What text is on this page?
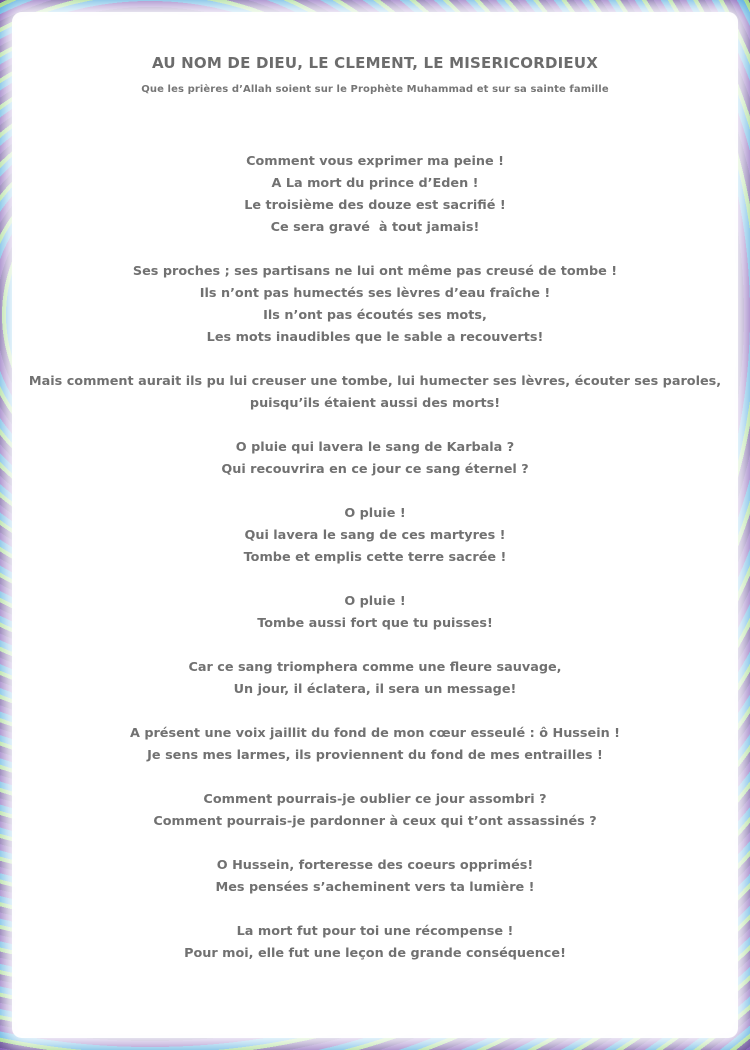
AU NOM DE DIEU, LE CLEMENT, LE MISERICORDIEUX
Que les prières d’Allah soient sur le Prophète Muhammad et sur sa sainte famille
Comment vous exprimer ma peine !
A La mort du prince d’Eden !
Le troisième des douze est sacrifié !
Ce sera gravé  à tout jamais!
Ses proches ; ses partisans ne lui ont même pas creusé de tombe !
Ils n’ont pas humectés ses lèvres d’eau fraîche !
Ils n’ont pas écoutés ses mots,
Les mots inaudibles que le sable a recouverts!
Mais comment aurait ils pu lui creuser une tombe, lui humecter ses lèvres, écouter ses paroles,
puisqu’ils étaient aussi des morts!
O pluie qui lavera le sang de Karbala ?
Qui recouvrira en ce jour ce sang éternel ?
O pluie !
Qui lavera le sang de ces martyres !
Tombe et emplis cette terre sacrée !
O pluie !
Tombe aussi fort que tu puisses!
Car ce sang triomphera comme une fleure sauvage,
Un jour, il éclatera, il sera un message!
A présent une voix jaillit du fond de mon cœur esseulé : ô Hussein !
Je sens mes larmes, ils proviennent du fond de mes entrailles !
Comment pourrais-je oublier ce jour assombri ?
Comment pourrais-je pardonner à ceux qui t’ont assassinés ?
O Hussein, forteresse des coeurs opprimés!
Mes pensées s’acheminent vers ta lumière !
La mort fut pour toi une récompense !
Pour moi, elle fut une leçon de grande conséquence!
